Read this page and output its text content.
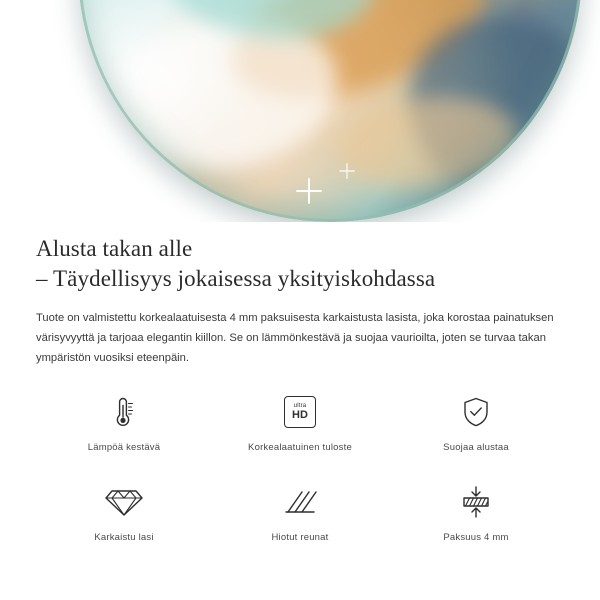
Alusta takan alle
– Täydellisyys jokaisessa yksityiskohdassa

Tuote on valmistettu korkealaatuisesta 4 mm paksuisesta karkaistusta lasista, joka korostaa painatuksen värisyvyyttä ja tarjoaa elegantin kiillon. Se on lämmönkestävä ja suojaa vaurioilta, joten se turvaa takan ympäristön vuosiksi eteenpäin.

Lämpöä kestävä
ultra
HD
Korkealaatuinen tuloste	Suojaa alustaa
Karkaistu lasi	Hiotut reunat	Paksuus 4 mm
